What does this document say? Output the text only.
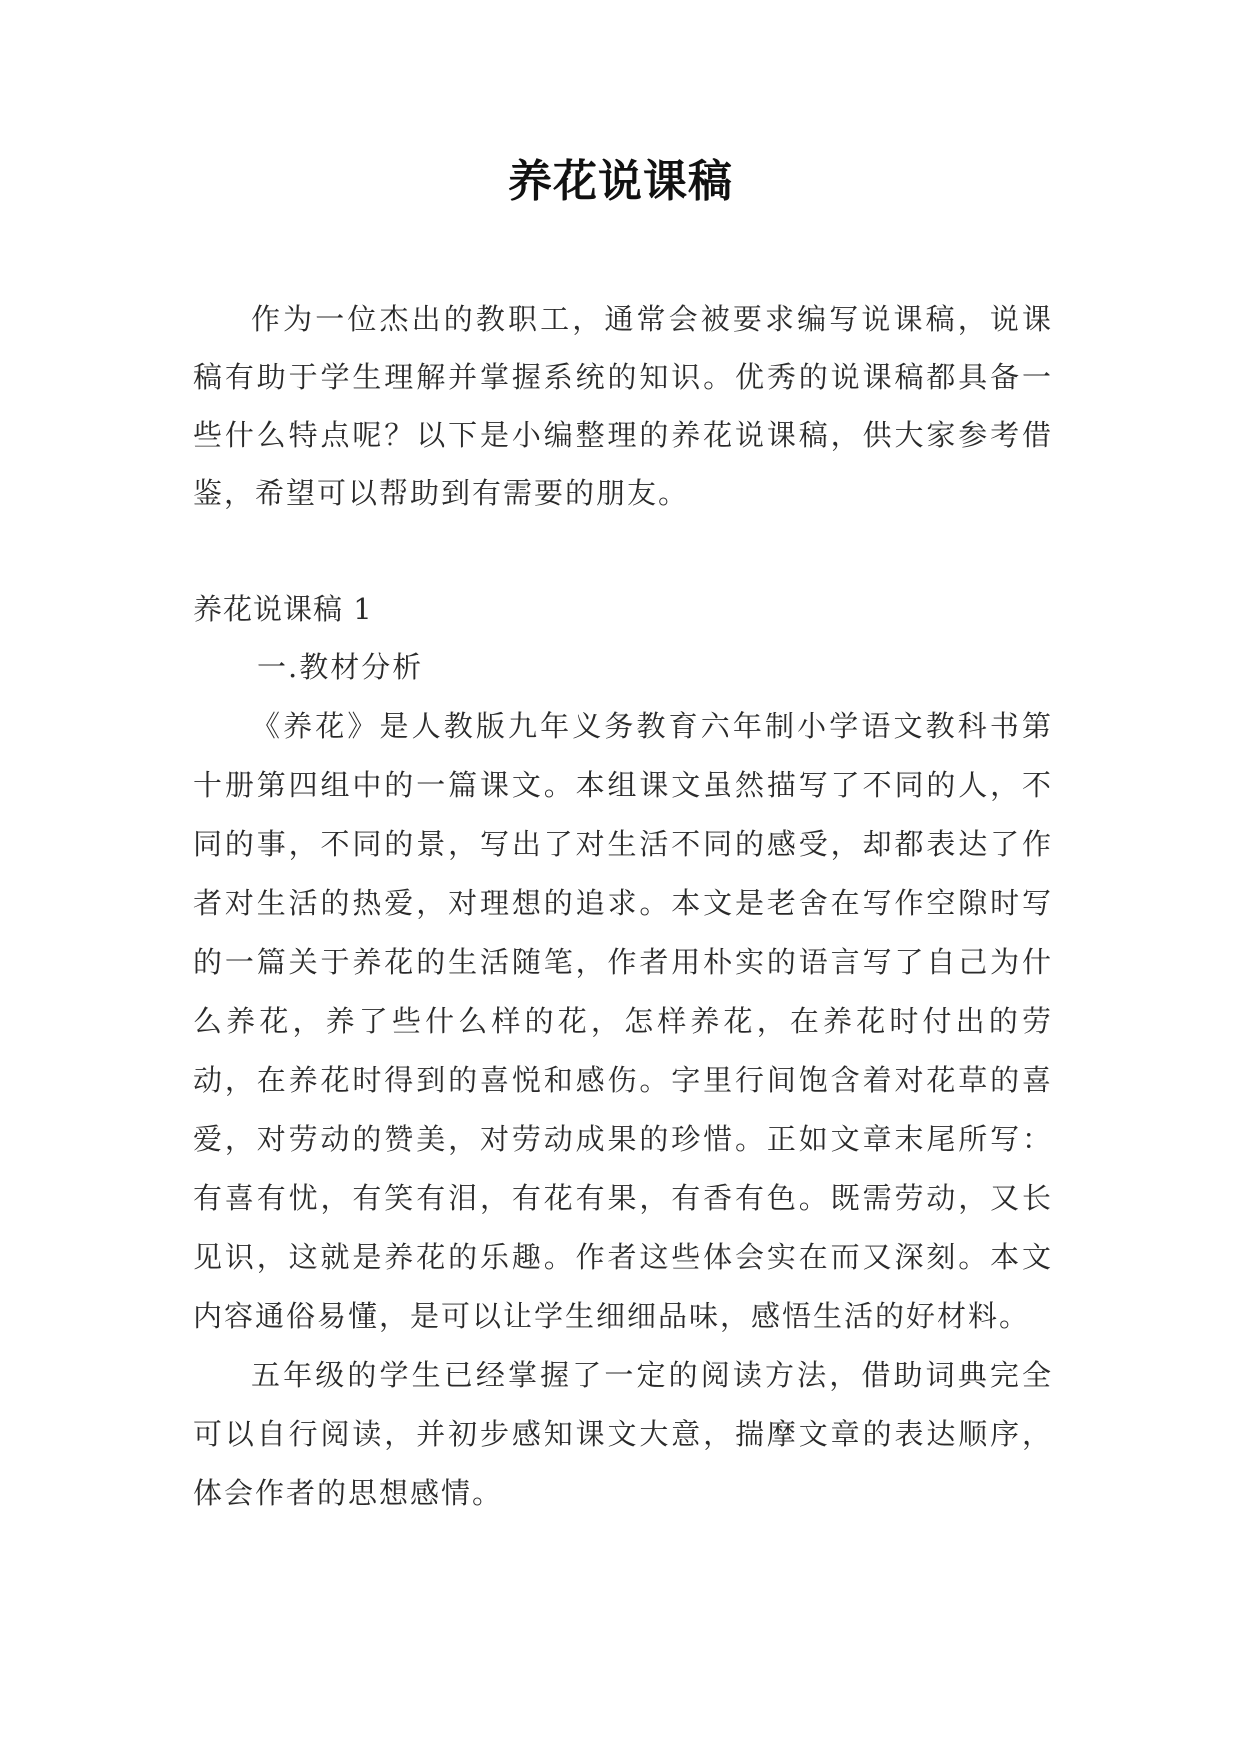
养花说课稿

作为一位杰出的教职工，通常会被要求编写说课稿，说课稿有助于学生理解并掌握系统的知识。优秀的说课稿都具备一些什么特点呢？以下是小编整理的养花说课稿，供大家参考借鉴，希望可以帮助到有需要的朋友。

养花说课稿 1
一.教材分析

《养花》是人教版九年义务教育六年制小学语文教科书第十册第四组中的一篇课文。本组课文虽然描写了不同的人，不同的事，不同的景，写出了对生活不同的感受，却都表达了作者对生活的热爱，对理想的追求。本文是老舍在写作空隙时写的一篇关于养花的生活随笔，作者用朴实的语言写了自己为什么养花，养了些什么样的花，怎样养花，在养花时付出的劳动，在养花时得到的喜悦和感伤。字里行间饱含着对花草的喜爱，对劳动的赞美，对劳动成果的珍惜。正如文章末尾所写：有喜有忧，有笑有泪，有花有果，有香有色。既需劳动，又长见识，这就是养花的乐趣。作者这些体会实在而又深刻。本文内容通俗易懂，是可以让学生细细品味，感悟生活的好材料。

五年级的学生已经掌握了一定的阅读方法，借助词典完全可以自行阅读，并初步感知课文大意，揣摩文章的表达顺序，体会作者的思想感情。
